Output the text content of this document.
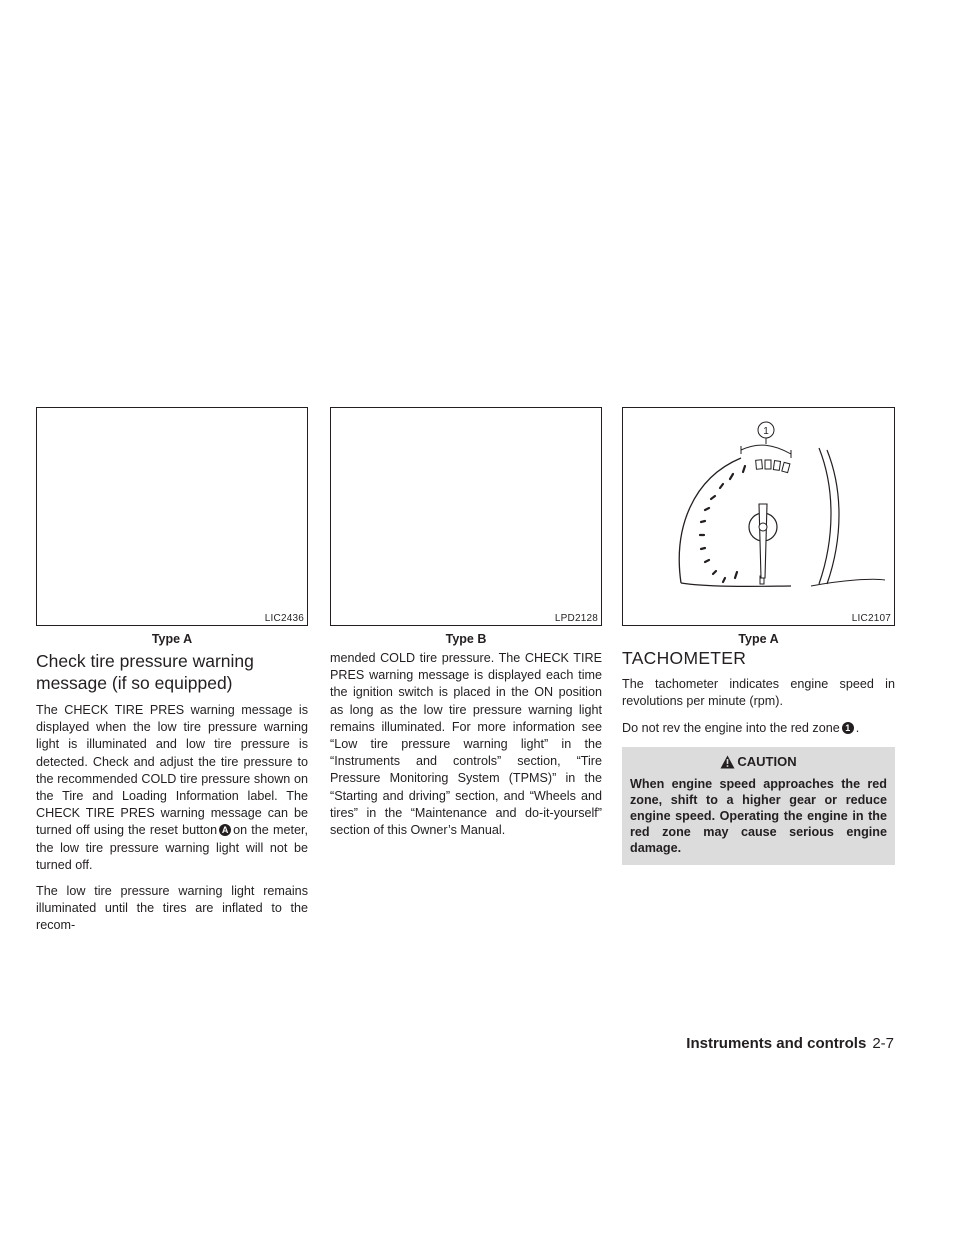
LIC2436
Type A
LPD2128
Type B
1
LIC2107
Type A
Check tire pressure warning message (if so equipped)

The CHECK TIRE PRES warning message is displayed when the low tire pressure warning light is illuminated and low tire pressure is detected. Check and adjust the tire pressure to the recommended COLD tire pressure shown on the Tire and Loading Information label. The CHECK TIRE PRES warning message can be turned off using the reset button A on the meter, the low tire pressure warning light will not be turned off.

The low tire pressure warning light remains illuminated until the tires are inflated to the recom-

mended COLD tire pressure. The CHECK TIRE PRES warning message is displayed each time the ignition switch is placed in the ON position as long as the low tire pressure warning light remains illuminated. For more information see “Low tire pressure warning light” in the “Instruments and controls” section, “Tire Pressure Monitoring System (TPMS)” in the “Starting and driving” section, and “Wheels and tires” in the “Maintenance and do-it-yourself” section of this Owner’s Manual.

TACHOMETER

The tachometer indicates engine speed in revolutions per minute (rpm).

Do not rev the engine into the red zone 1 .

CAUTION
When engine speed approaches the red zone, shift to a higher gear or reduce engine speed. Operating the engine in the red zone may cause serious engine damage.
Instruments and controls 2-7
